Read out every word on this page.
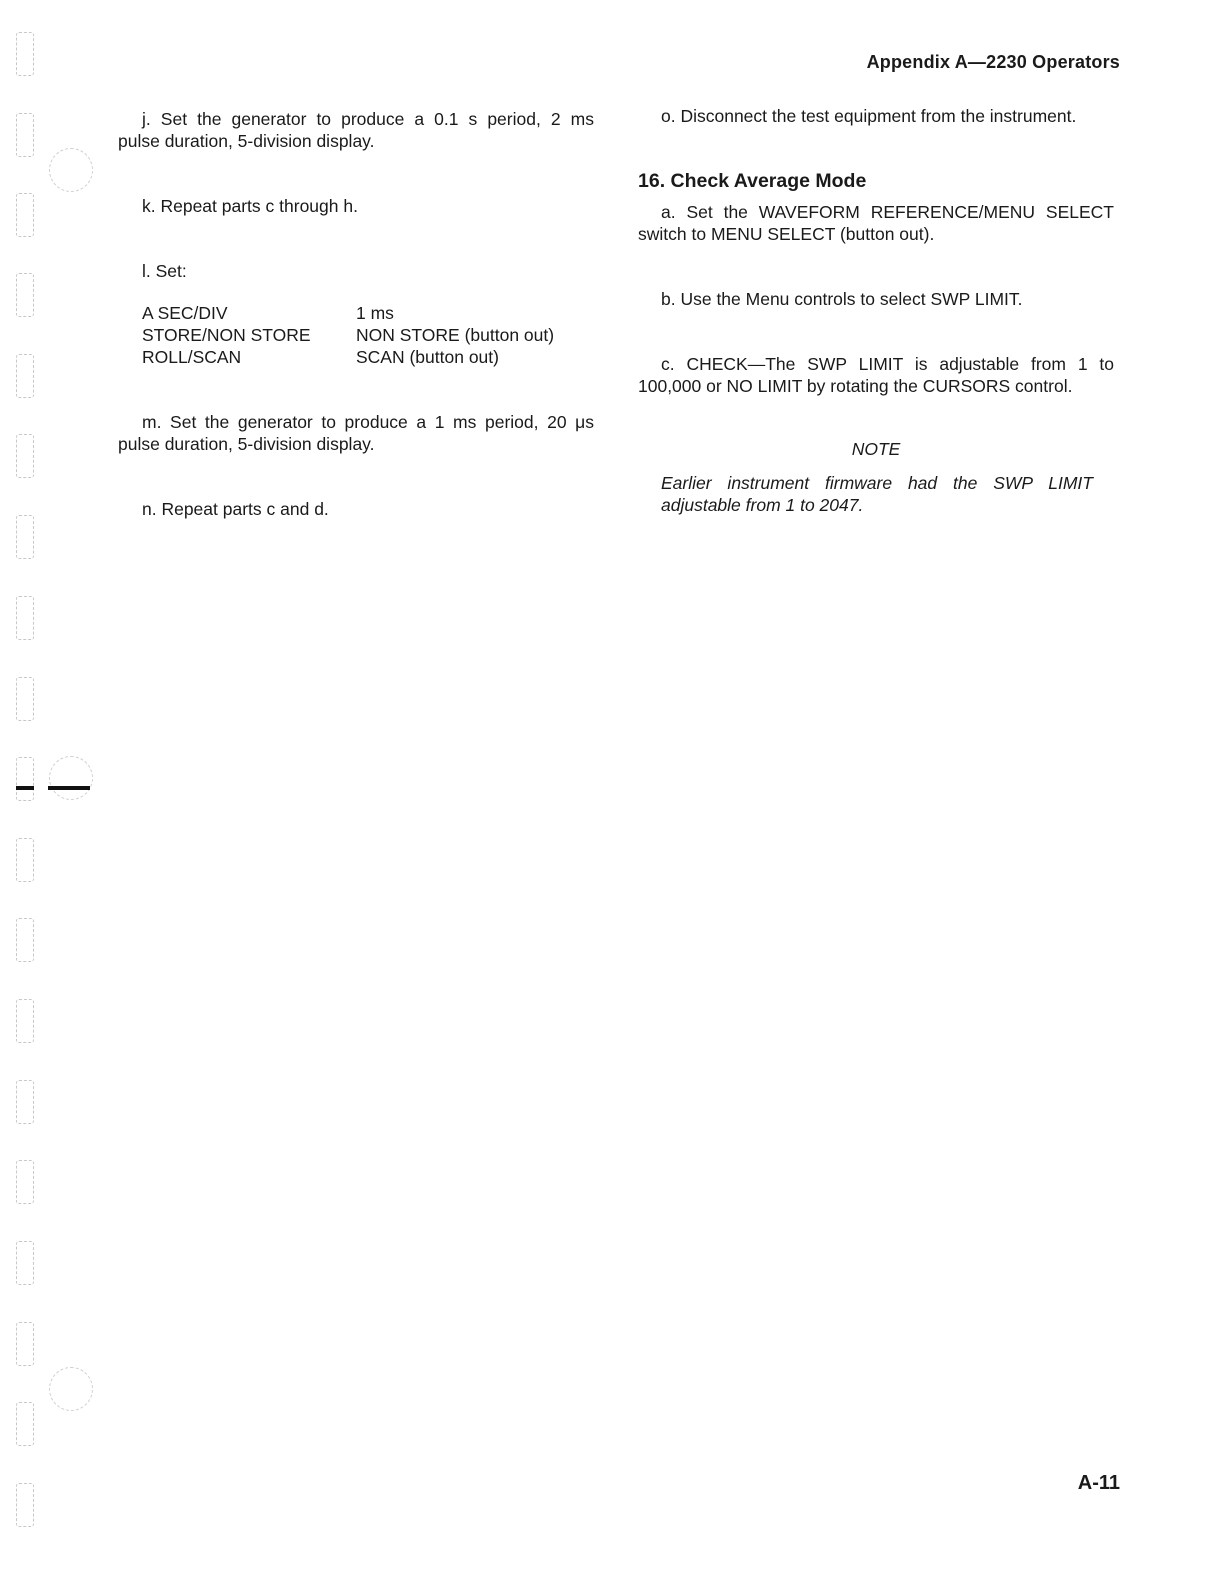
Appendix A—2230 Operators
j. Set the generator to produce a 0.1 s period, 2 ms
pulse duration, 5-division display.
k. Repeat parts c through h.
l. Set:
A SEC/DIV	1 ms
STORE/NON STORE	NON STORE (button out)
ROLL/SCAN	SCAN (button out)
m. Set the generator to produce a 1 ms period, 20 μs
pulse duration, 5-division display.
n. Repeat parts c and d.
o. Disconnect the test equipment from the instrument.
16. Check Average Mode
a. Set the WAVEFORM REFERENCE/MENU SELECT
switch to MENU SELECT (button out).
b. Use the Menu controls to select SWP LIMIT.
c. CHECK—The SWP LIMIT is adjustable from 1 to
100,000 or NO LIMIT by rotating the CURSORS control.
NOTE
Earlier instrument firmware had the SWP LIMIT
adjustable from 1 to 2047.
A-11
